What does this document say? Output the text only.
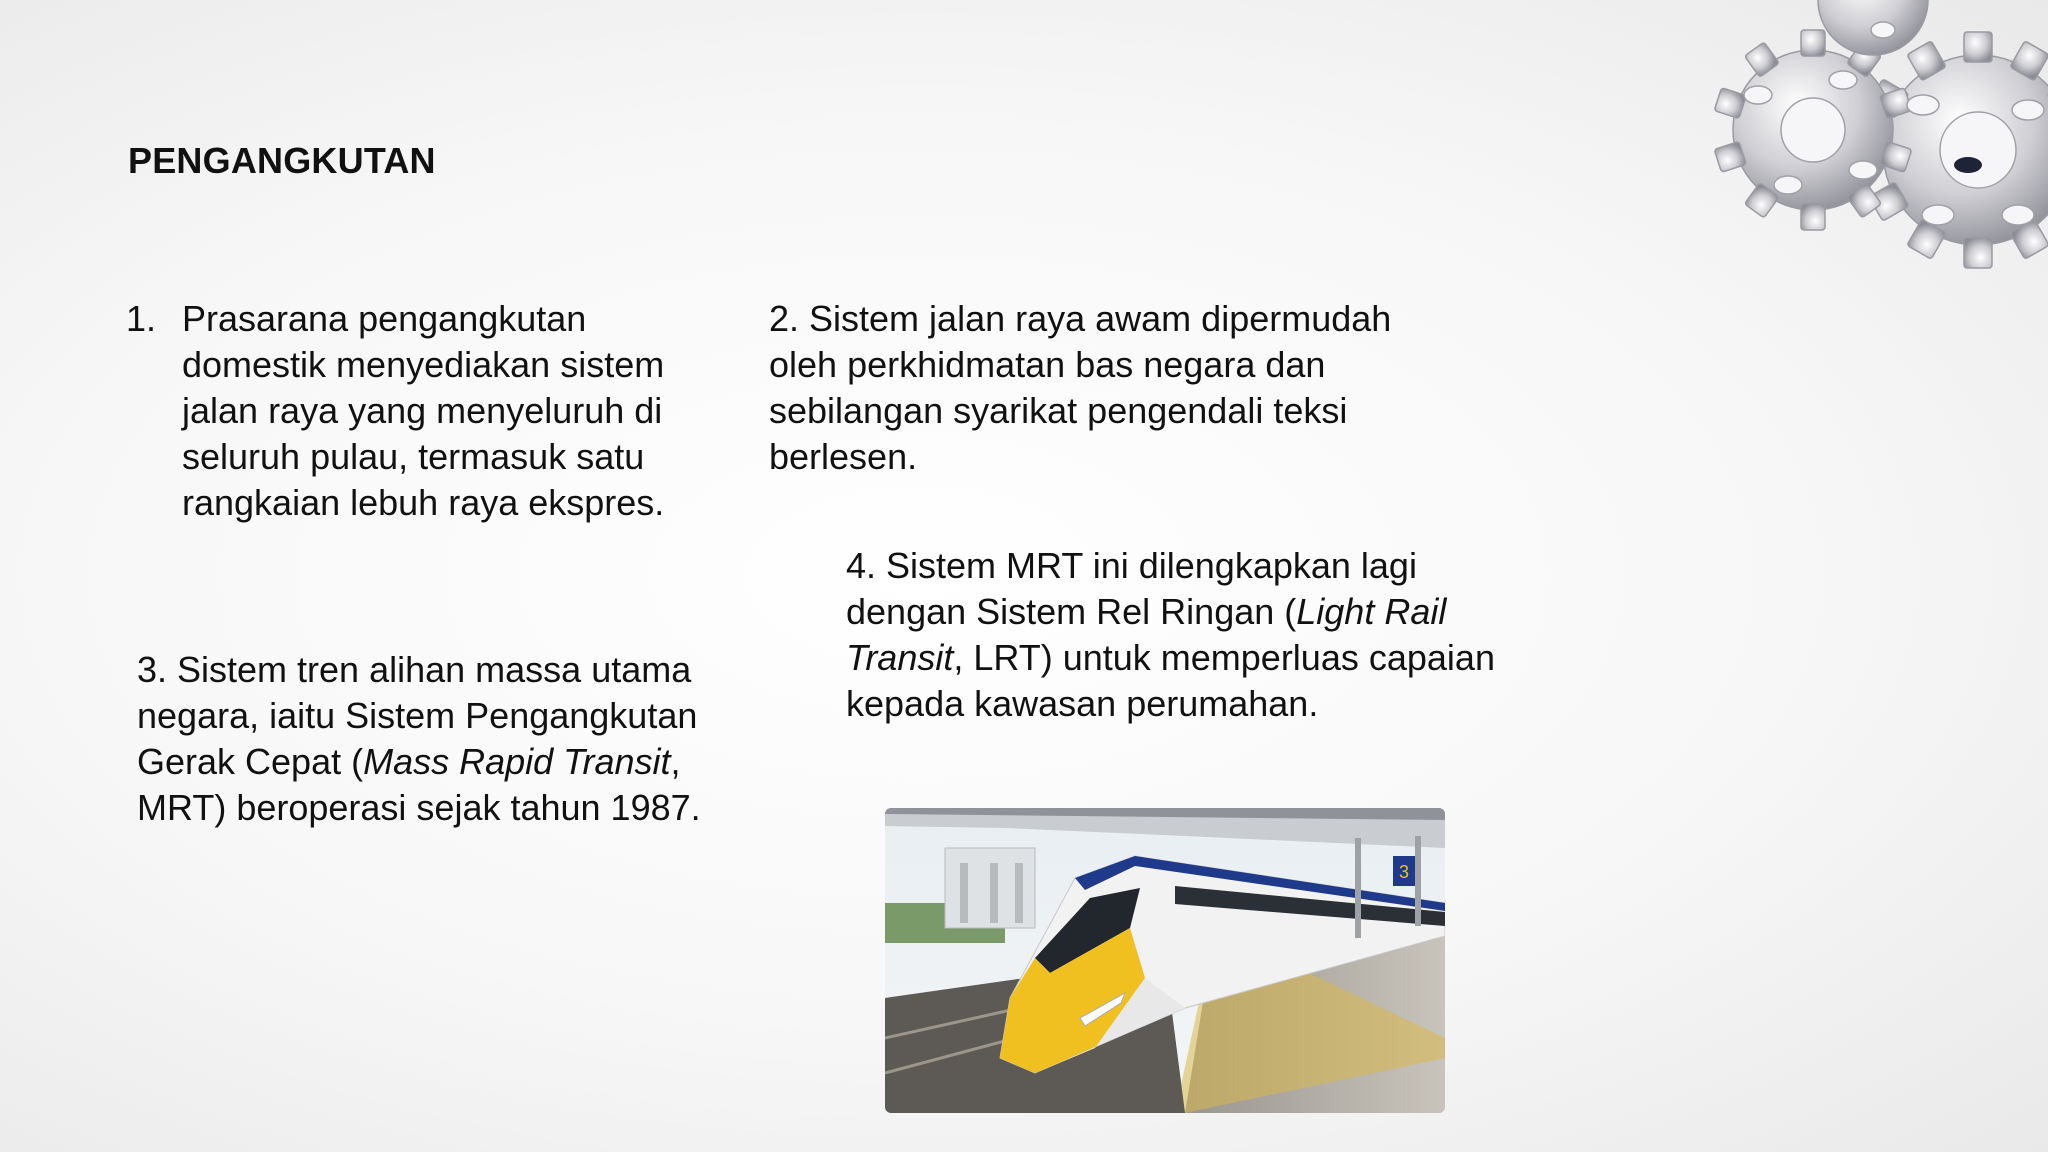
PENGANGKUTAN

1. Prasarana pengangkutan domestik menyediakan sistem jalan raya yang menyeluruh di seluruh pulau, termasuk satu rangkaian lebuh raya ekspres.

2. Sistem jalan raya awam dipermudah oleh perkhidmatan bas negara dan sebilangan syarikat pengendali teksi berlesen.

3. Sistem tren alihan massa utama negara, iaitu Sistem Pengangkutan Gerak Cepat (Mass Rapid Transit, MRT) beroperasi sejak tahun 1987.

4. Sistem MRT ini dilengkapkan lagi dengan Sistem Rel Ringan (Light Rail Transit, LRT) untuk memperluas capaian kepada kawasan perumahan.

3
